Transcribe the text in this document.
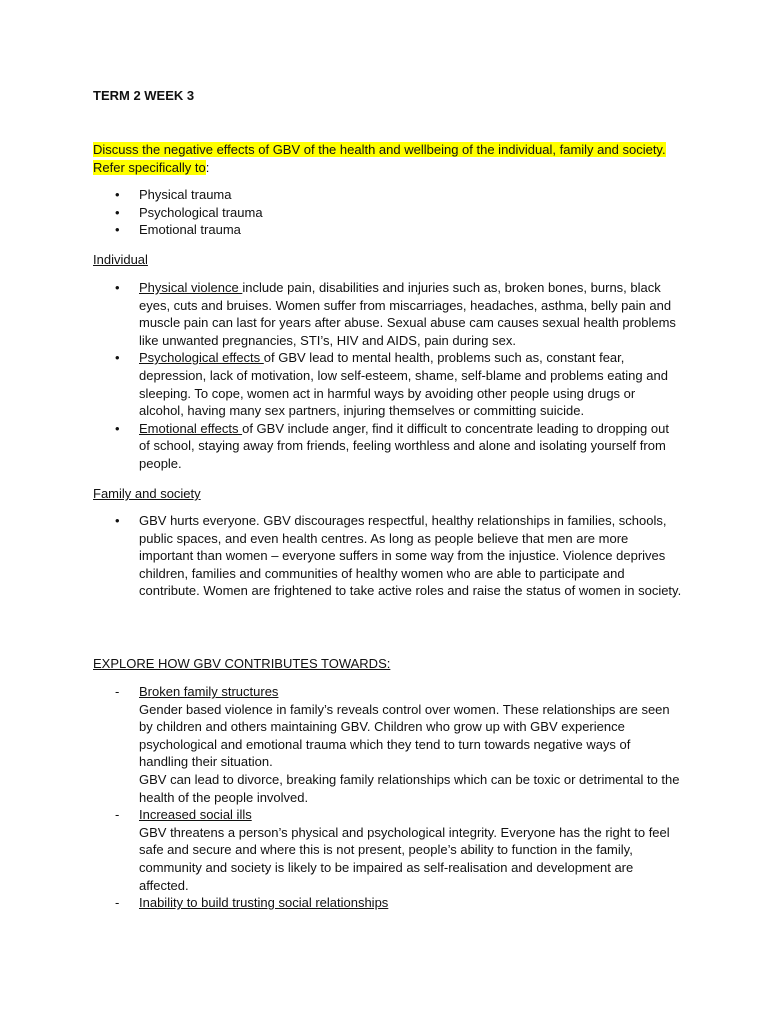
TERM 2 WEEK 3
Discuss the negative effects of GBV of the health and wellbeing of the individual, family and society. Refer specifically to:
• Physical trauma
• Psychological trauma
• Emotional trauma
Individual
• Physical violence include pain, disabilities and injuries such as, broken bones, burns, black eyes, cuts and bruises. Women suffer from miscarriages, headaches, asthma, belly pain and muscle pain can last for years after abuse. Sexual abuse cam causes sexual health problems like unwanted pregnancies, STI’s, HIV and AIDS, pain during sex.
• Psychological effects of GBV lead to mental health, problems such as, constant fear, depression, lack of motivation, low self-esteem, shame, self-blame and problems eating and sleeping. To cope, women act in harmful ways by avoiding other people using drugs or alcohol, having many sex partners, injuring themselves or committing suicide.
• Emotional effects of GBV include anger, find it difficult to concentrate leading to dropping out of school, staying away from friends, feeling worthless and alone and isolating yourself from people.
Family and society
• GBV hurts everyone. GBV discourages respectful, healthy relationships in families, schools, public spaces, and even health centres. As long as people believe that men are more important than women – everyone suffers in some way from the injustice. Violence deprives children, families and communities of healthy women who are able to participate and contribute. Women are frightened to take active roles and raise the status of women in society.
EXPLORE HOW GBV CONTRIBUTES TOWARDS:
- Broken family structures
Gender based violence in family’s reveals control over women. These relationships are seen by children and others maintaining GBV. Children who grow up with GBV experience psychological and emotional trauma which they tend to turn towards negative ways of handling their situation.
GBV can lead to divorce, breaking family relationships which can be toxic or detrimental to the health of the people involved.
- Increased social ills
GBV threatens a person’s physical and psychological integrity. Everyone has the right to feel safe and secure and where this is not present, people’s ability to function in the family, community and society is likely to be impaired as self-realisation and development are affected.
- Inability to build trusting social relationships
